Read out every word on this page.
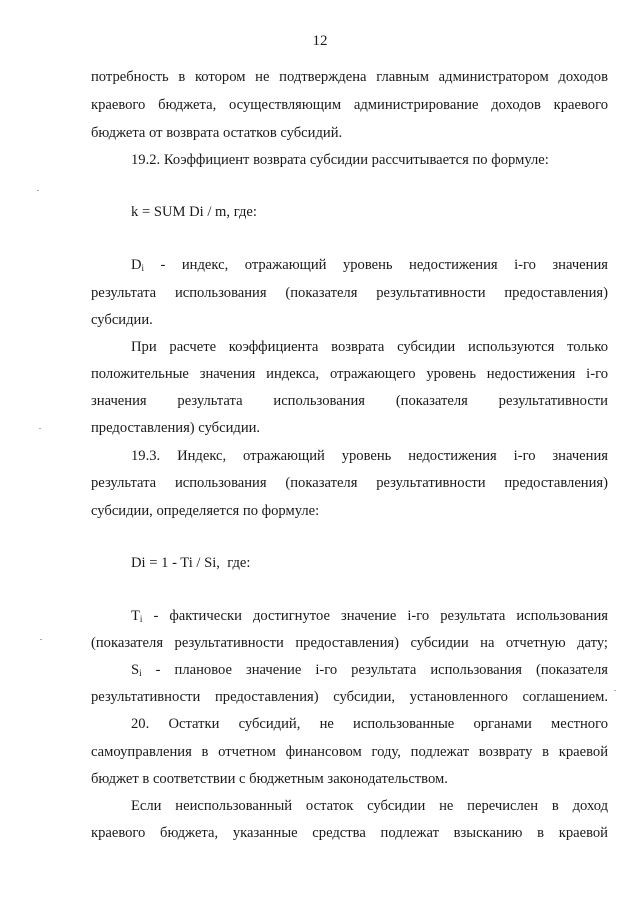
12
потребность в котором не подтверждена главным администратором доходов
краевого бюджета, осуществляющим администрирование доходов краевого
бюджета от возврата остатков субсидий.
19.2. Коэффициент возврата субсидии рассчитывается по формуле:
k = SUM Di / m, где:
$D_i$ - индекс, отражающий уровень недостижения i-го значения
результата использования (показателя результативности предоставления)
субсидии.
При расчете коэффициента возврата субсидии используются только
положительные значения индекса, отражающего уровень недостижения i-го
значения результата использования (показателя результативности
предоставления) субсидии.
19.3. Индекс, отражающий уровень недостижения i-го значения
результата использования (показателя результативности предоставления)
субсидии, определяется по формуле:
Di = 1 - Ti / Si,  где:
$T_i$ - фактически достигнутое значение i-го результата использования
(показателя результативности предоставления) субсидии на отчетную дату;
$S_i$ - плановое значение i-го результата использования (показателя
результативности предоставления) субсидии, установленного соглашением.
20. Остатки субсидий, не использованные органами местного
самоуправления в отчетном финансовом году, подлежат возврату в краевой
бюджет в соответствии с бюджетным законодательством.
Если неиспользованный остаток субсидии не перечислен в доход
краевого бюджета, указанные средства подлежат взысканию в краевой
